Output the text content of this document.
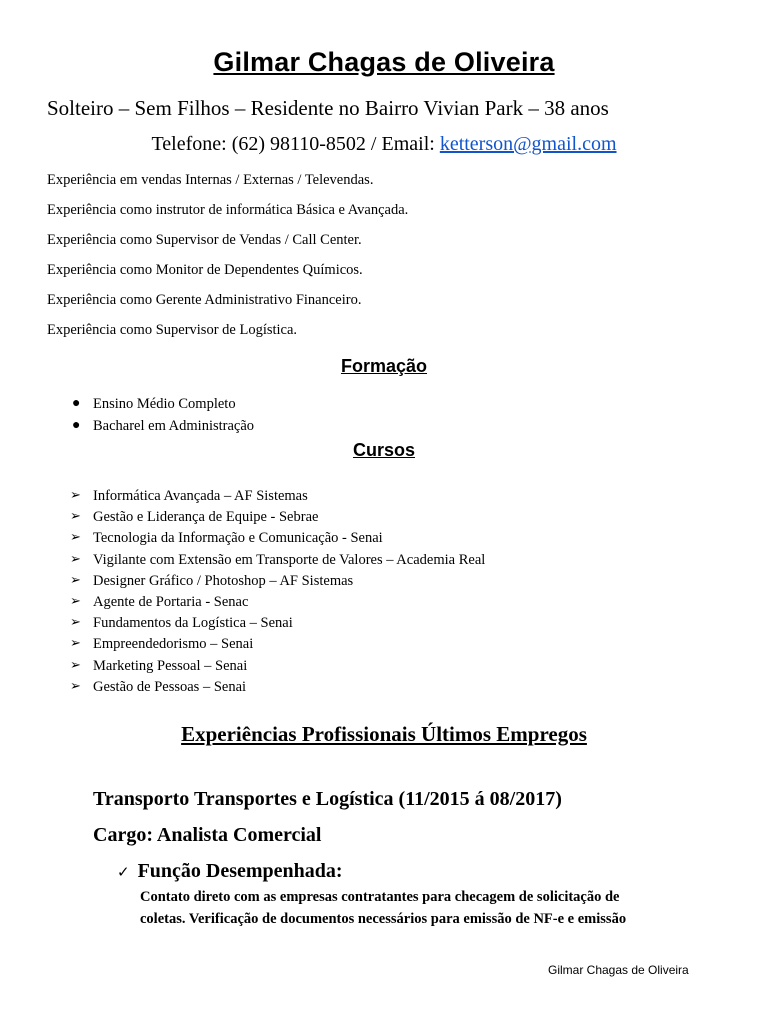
Gilmar Chagas de Oliveira
Solteiro – Sem Filhos – Residente no Bairro Vivian Park – 38 anos
Telefone: (62) 98110-8502 / Email: ketterson@gmail.com
Experiência em vendas Internas / Externas / Televendas.
Experiência como instrutor de informática Básica e Avançada.
Experiência como Supervisor de Vendas / Call Center.
Experiência como Monitor de Dependentes Químicos.
Experiência como Gerente Administrativo Financeiro.
Experiência como Supervisor de Logística.
Formação
● Ensino Médio Completo
● Bacharel em Administração
Cursos
➢ Informática Avançada – AF Sistemas
➢ Gestão e Liderança de Equipe - Sebrae
➢ Tecnologia da Informação e Comunicação - Senai
➢ Vigilante com Extensão em Transporte de Valores – Academia Real
➢ Designer Gráfico / Photoshop – AF Sistemas
➢ Agente de Portaria - Senac
➢ Fundamentos da Logística – Senai
➢ Empreendedorismo – Senai
➢ Marketing Pessoal – Senai
➢ Gestão de Pessoas – Senai
Experiências Profissionais Últimos Empregos
Transporto Transportes e Logística (11/2015 á 08/2017)
Cargo: Analista Comercial
✓ Função Desempenhada:
Contato direto com as empresas contratantes para checagem de solicitação de
coletas. Verificação de documentos necessários para emissão de NF-e e emissão
Gilmar Chagas de Oliveira
